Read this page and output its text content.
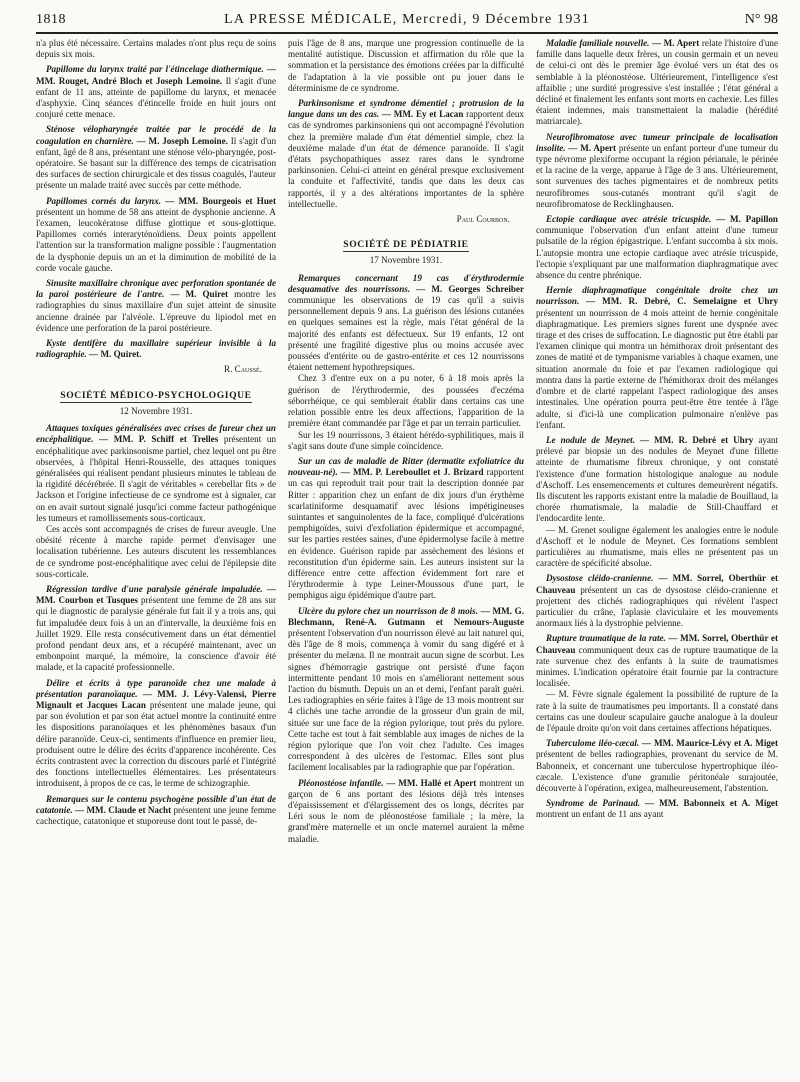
1818	LA PRESSE MÉDICALE, Mercredi, 9 Décembre 1931	N° 98

n'a plus été nécessaire. Certains malades n'ont plus reçu de soins depuis six mois.

Papillome du larynx traité par l'étincelage diathermique. — MM. Rouget, André Bloch et Joseph Lemoine. Il s'agit d'une enfant de 11 ans, atteinte de papillome du larynx, et menacée d'asphyxie. Cinq séances d'étincelle froide en huit jours ont conjuré cette menace.

Sténose vélopharyngée traitée par le procédé de la coagulation en charnière. — M. Joseph Lemoine. Il s'agit d'un enfant, âgé de 8 ans, présentant une sténose vélo-pharyngée, post-opératoire. Se basant sur la différence des temps de cicatrisation des surfaces de section chirurgicale et des tissus coagulés, l'auteur présente un malade traité avec succès par cette méthode.

Papillomes cornés du larynx. — MM. Bourgeois et Huet présentent un homme de 58 ans atteint de dysphonie ancienne. A l'examen, leucokératose diffuse glottique et sous-glottique. Papillomes cornés interaryténoïdiens. Deux points appellent l'attention sur la transformation maligne possible : l'augmentation de la dysphonie depuis un an et la diminution de mobilité de la corde vocale gauche.

Sinusite maxillaire chronique avec perforation spontanée de la paroi postérieure de l'antre. — M. Quiret montre les radiographies du sinus maxillaire d'un sujet atteint de sinusite ancienne drainée par l'alvéole. L'épreuve du lipiodol met en évidence une perforation de la paroi postérieure.

Kyste dentifère du maxillaire supérieur invisible à la radiographie. — M. Quiret.

R. Caussé.
SOCIÉTÉ MÉDICO-PSYCHOLOGIQUE
12 Novembre 1931.

Attaques toxiques généralisées avec crises de fureur chez un encéphalitique. — MM. P. Schiff et Trelles présentent un encéphalitique avec parkinsonisme partiel, chez lequel ont pu être observées, à l'hôpital Henri-Rousselle, des attaques toniques généralisées qui réalisent pendant plusieurs minutes le tableau de la rigidité décérébrée. Il s'agit de véritables « cerebellar fits » de Jackson et l'origine infectieuse de ce syndrome est à signaler, car on en avait surtout signalé jusqu'ici comme facteur pathogénique les tumeurs et ramollissements sous-corticaux.

Ces accès sont accompagnés de crises de fureur aveugle. Une obésité récente à marche rapide permet d'envisager une localisation tubérienne. Les auteurs discutent les ressemblances de ce syndrome post-encéphalitique avec celui de l'épilepsie dite sous-corticale.

Régression tardive d'une paralysie générale impaludée. — MM. Courbon et Tusques présentent une femme de 28 ans sur qui le diagnostic de paralysie générale fut fait il y a trois ans, qui fut impaludée deux fois à un an d'intervalle, la deuxième fois en Juillet 1929. Elle resta consécutivement dans un état démentiel profond pendant deux ans, et a récupéré maintenant, avec un embonpoint marqué, la mémoire, la conscience d'avoir été malade, et la capacité professionnelle.

Délire et écrits à type paranoïde chez une malade à présentation paranoïaque. — MM. J. Lévy-Valensi, Pierre Mignault et Jacques Lacan présentent une malade jeune, qui par son évolution et par son état actuel montre la continuité entre les dispositions paranoïaques et les phénomènes basaux d'un délire paranoïde. Ceux-ci, sentiments d'influence en premier lieu, produisent outre le délire des écrits d'apparence incohérente. Ces écrits contrastent avec la correction du discours parlé et l'intégrité des fonctions intellectuelles élémentaires. Les présentateurs introduisent, à propos de ce cas, le terme de schizographie.

Remarques sur le contenu psychogène possible d'un état de catatonie. — MM. Claude et Nacht présentent une jeune femme cachectique, catatonique et stuporeuse dont tout le passé, de-

puis l'âge de 8 ans, marque une progression continuelle de la mentalité autistique. Discussion et affirmation du rôle que la sommation et la persistance des émotions créées par la difficulté de l'adaptation à la vie possible ont pu jouer dans le déterminisme de ce syndrome.

Parkinsonisme et syndrome démentiel ; protrusion de la langue dans un des cas. — MM. Ey et Lacan rapportent deux cas de syndromes parkinsoniens qui ont accompagné l'évolution chez la première malade d'un état démentiel simple, chez la deuxième malade d'un état de démence paranoïde. Il s'agit d'états psychopathiques assez rares dans le syndrome parkinsonien. Celui-ci atteint en général presque exclusivement la conduite et l'affectivité, tandis que dans les deux cas rapportés, il y a des altérations importantes de la sphère intellectuelle.

Paul Courbon.
SOCIÉTÉ DE PÉDIATRIE
17 Novembre 1931.

Remarques concernant 19 cas d'érythrodermie desquamative des nourrissons. — M. Georges Schreiber communique les observations de 19 cas qu'il a suivis personnellement depuis 9 ans. La guérison des lésions cutanées en quelques semaines est la règle, mais l'état général de la majorité des enfants est défectueux. Sur 19 enfants, 12 ont présenté une fragilité digestive plus ou moins accusée avec poussées d'entérite ou de gastro-entérite et ces 12 nourrissons étaient nettement hypothrepsiques.

Chez 3 d'entre eux on a pu noter, 6 à 18 mois après la guérison de l'érythrodermie, des poussées d'eczéma séborrhéique, ce qui semblerait établir dans certains cas une relation possible entre les deux affections, l'apparition de la première étant commandée par l'âge et par un terrain particulier.

Sur les 19 nourrissons, 3 étaient hérédo-syphilitiques, mais il s'agit sans doute d'une simple coïncidence.

Sur un cas de maladie de Ritter (dermatite exfoliatrice du nouveau-né). — MM. P. Lereboullet et J. Brizard rapportent un cas qui reproduit trait pour trait la description donnée par Ritter : apparition chez un enfant de dix jours d'un érythème scarlatiniforme desquamatif avec lésions impétigineuses suintantes et sanguinolentes de la face, compliqué d'ulcérations pemphigoïdes, suivi d'exfoliation épidermique et accompagné, sur les parties restées saines, d'une épidermolyse facile à mettre en évidence. Guérison rapide par assèchement des lésions et reconstitution d'un épiderme sain. Les auteurs insistent sur la différence entre cette affection évidemment fort rare et l'érythrodermie à type Leiner-Moussous d'une part, le pemphigus aigu épidémique d'autre part.

Ulcère du pylore chez un nourrisson de 8 mois. — MM. G. Blechmann, René-A. Gutmann et Nemours-Auguste présentent l'observation d'un nourrisson élevé au lait naturel qui, dès l'âge de 8 mois, commença à vomir du sang digéré et à présenter du melæna. Il ne montrait aucun signe de scorbut. Les signes d'hémorragie gastrique ont persisté d'une façon intermittente pendant 10 mois en s'améliorant nettement sous l'action du bismuth. Depuis un an et demi, l'enfant paraît guéri. Les radiographies en série faites à l'âge de 13 mois montrent sur 4 clichés une tache arrondie de la grosseur d'un grain de mil, située sur une face de la région pylorique, tout près du pylore. Cette tache est tout à fait semblable aux images de niches de la région pylorique que l'on voit chez l'adulte. Ces images correspondent à des ulcères de l'estomac. Elles sont plus facilement localisables par la radiographie que par l'opération.

Pléonostéose infantile. — MM. Hallé et Apert montrent un garçon de 6 ans portant des lésions déjà très intenses d'épaississement et d'élargissement des os longs, décrites par Léri sous le nom de pléonostéose familiale ; la mère, la grand'mère maternelle et un oncle maternel auraient la même maladie.

Maladie familiale nouvelle. — M. Apert relate l'histoire d'une famille dans laquelle deux frères, un cousin germain et un neveu de celui-ci ont dès le premier âge évolué vers un état des os semblable à la pléonostéose. Ultérieurement, l'intelligence s'est affaiblie ; une surdité progressive s'est installée ; l'état général a décliné et finalement les enfants sont morts en cachexie. Les filles étaient indemnes, mais transmettaient la maladie (hérédité matriarcale).

Neurofibromatose avec tumeur principale de localisation insolite. — M. Apert présente un enfant porteur d'une tumeur du type névrome plexiforme occupant la région périanale, le périnée et la racine de la verge, apparue à l'âge de 3 ans. Ultérieurement, sont survenues des taches pigmentaires et de nombreux petits neurofibromes sous-cutanés montrant qu'il s'agit de neurofibromatose de Recklinghausen.

Ectopie cardiaque avec atrésie tricuspide. — M. Papillon communique l'observation d'un enfant atteint d'une tumeur pulsatile de la région épigastrique. L'enfant succomba à six mois. L'autopsie montra une ectopie cardiaque avec atrésie tricuspide, l'ectopie s'expliquant par une malformation diaphragmatique avec absence du centre phrénique.

Hernie diaphragmatique congénitale droite chez un nourrisson. — MM. R. Debré, C. Semelaigne et Uhry présentent un nourrisson de 4 mois atteint de hernie congénitale diaphragmatique. Les premiers signes furent une dyspnée avec tirage et des crises de suffocation. Le diagnostic put être établi par l'examen clinique qui montra un hémithorax droit présentant des zones de matité et de tympanisme variables à chaque examen, une situation anormale du foie et par l'examen radiologique qui montra dans la partie externe de l'hémithorax droit des mélanges d'ombre et de clarté rappelant l'aspect radiologique des anses intestinales. Une opération pourra peut-être être tentée à l'âge adulte, si d'ici-là une complication pulmonaire n'enlève pas l'enfant.

Le nodule de Meynet. — MM. R. Debré et Uhry ayant prélevé par biopsie un des nodules de Meynet d'une fillette atteinte de rhumatisme fibreux chronique, y ont constaté l'existence d'une formation histologique analogue au nodule d'Aschoff. Les ensemencements et cultures demeurèrent négatifs. Ils discutent les rapports existant entre la maladie de Bouillaud, la chorée rhumatismale, la maladie de Still-Chauffard et l'endocardite lente.

— M. Grenet souligne également les analogies entre le nodule d'Aschoff et le nodule de Meynet. Ces formations semblent particulières au rhumatisme, mais elles ne présentent pas un caractère de spécificité absolue.

Dysostose cléido-cranienne. — MM. Sorrel, Oberthür et Chauveau présentent un cas de dysostose cléido-cranienne et projettent des clichés radiographiques qui révèlent l'aspect particulier du crâne, l'aplasie claviculaire et les mouvements anormaux liés à la dystrophie pelvienne.

Rupture traumatique de la rate. — MM. Sorrel, Oberthür et Chauveau communiquent deux cas de rupture traumatique de la rate survenue chez des enfants à la suite de traumatismes minimes. L'indication opératoire était fournie par la contracture localisée.

— M. Fèvre signale également la possibilité de rupture de la rate à la suite de traumatismes peu importants. Il a constaté dans certains cas une douleur scapulaire gauche analogue à la douleur de l'épaule droite qu'on voit dans certaines affections hépatiques.

Tuberculome iléo-cæcal. — MM. Maurice-Lévy et A. Miget présentent de belles radiographies, provenant du service de M. Babonneix, et concernant une tuberculose hypertrophique iléo-cæcale. L'existence d'une granulie péritonéale surajoutée, découverte à l'opération, exigea, malheureusement, l'abstention.

Syndrome de Parinaud. — MM. Babonneix et A. Miget montrent un enfant de 11 ans ayant
